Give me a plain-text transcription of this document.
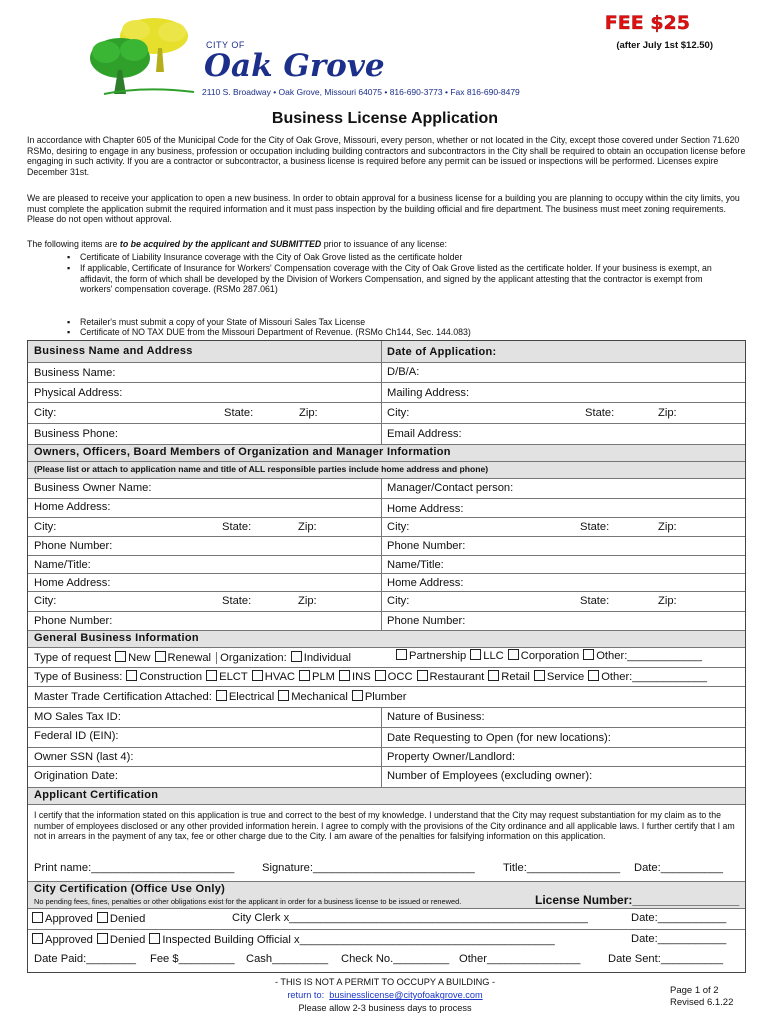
CITY OF
Oak Grove
2110 S. Broadway • Oak Grove, Missouri 64075 • 816-690-3773 • Fax 816-690-8479
FEE $25
(after July 1st $12.50)
Business License Application
In accordance with Chapter 605 of the Municipal Code for the City of Oak Grove, Missouri, every person, whether or not located in the City, except those covered under Section 71.620 RSMo, desiring to engage in any business, profession or occupation including building contractors and subcontractors in the City shall be required to obtain an occupation license before engaging in such activity. If you are a contractor or subcontractor, a business license is required before any permit can be issued or inspections will be performed. Licenses expire December 31st.
We are pleased to receive your application to open a new business. In order to obtain approval for a business license for a building you are planning to occupy within the city limits, you must complete the application submit the required information and it must pass inspection by the building official and fire department. The business must meet zoning requirements. Please do not open without approval.
The following items are to be acquired by the applicant and SUBMITTED prior to issuance of any license:
▪ Certificate of Liability Insurance coverage with the City of Oak Grove listed as the certificate holder
▪ If applicable, Certificate of Insurance for Workers' Compensation coverage with the City of Oak Grove listed as the certificate holder. If your business is exempt, an affidavit, the form of which shall be developed by the Division of Workers Compensation, and signed by the applicant attesting that the contractor is exempt from workers' compensation coverage. (RSMo 287.061)
▪ Retailer's must submit a copy of your State of Missouri Sales Tax License
▪ Certificate of NO TAX DUE from the Missouri Department of Revenue. (RSMo Ch144, Sec. 144.083)
Business Name and Address	Date of Application:
Business Name:	D/B/A:
Physical Address:	Mailing Address:
City:	State:	Zip:	City:	State:	Zip:
Business Phone:	Email Address:
Owners, Officers, Board Members of Organization and Manager Information
(Please list or attach to application name and title of ALL responsible parties include home address and phone)
Business Owner Name:	Manager/Contact person:
Home Address:	Home Address:
City:	State:	Zip:	City:	State:	Zip:
Phone Number:	Phone Number:
Name/Title:	Name/Title:
Home Address:	Home Address:
City:	State:	Zip:	City:	State:	Zip:
Phone Number:	Phone Number:
General Business Information
Type of request New Renewal Organization: Individual	Partnership LLC Corporation Other:____________
Type of Business: Construction ELCT HVAC PLM INS OCC Restaurant Retail Service Other:____________
Master Trade Certification Attached: Electrical Mechanical Plumber
MO Sales Tax ID:	Nature of Business:
Federal ID (EIN):	Date Requesting to Open (for new locations):
Owner SSN (last 4):	Property Owner/Landlord:
Origination Date:	Number of Employees (excluding owner):
Applicant Certification
I certify that the information stated on this application is true and correct to the best of my knowledge. I understand that the City may request substantiation for my claim as to the number of employees disclosed or any other provided information herein. I agree to comply with the provisions of the City ordinance and all applicable laws. I further certify that I am not in arrears in the payment of any tax, fee or other charge due to the City. I am aware of the penalties for falsifying information on this application.
Print name:_______________________ Signature:__________________________	Title:_______________ Date:__________
City Certification (Office Use Only)
No pending fees, fines, penalties or other obligations exist for the applicant in order for a business license to be issued or renewed.	License Number:________________
Approved Denied	City Clerk x________________________________________________	Date:___________
Approved Denied Inspected Building Official x_________________________________________	Date:___________
Date Paid:________ Fee $_________ Cash_________ Check No._________ Other_______________ Date Sent:__________
- THIS IS NOT A PERMIT TO OCCUPY A BUILDING -
return to: businesslicense@cityofoakgrove.com
Please allow 2-3 business days to process
Page 1 of 2
Revised 6.1.22
